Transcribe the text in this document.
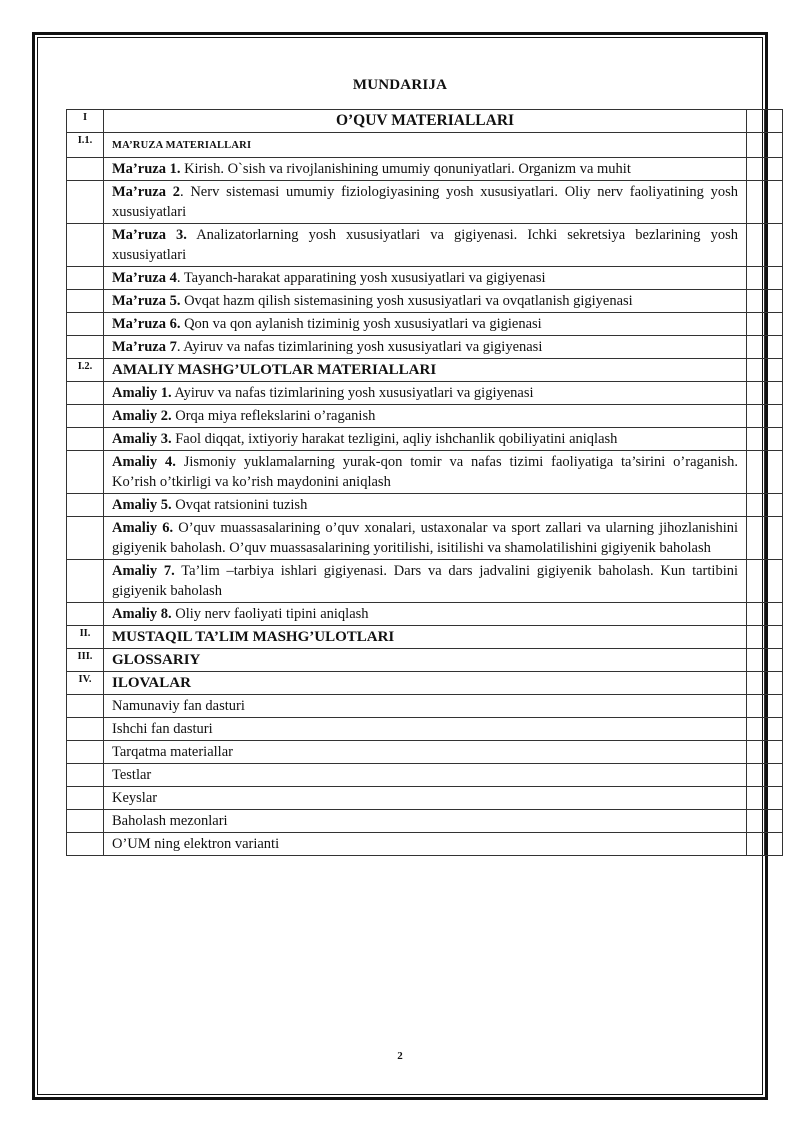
MUNDARIJA
I	O’QUV MATERIALLARI		

I.1.	MA’RUZA MATERIALLARI		
	Ma’ruza 1. Kirish. O`sish va rivojlanishining umumiy qonuniyatlari. Organizm va muhit		
	Ma’ruza 2. Nerv sistemasi umumiy fiziologiyasining yosh xususiyatlari. Oliy nerv faoliyatining yosh xususiyatlari		
	Ma’ruza 3. Analizatorlarning yosh xususiyatlari va gigiyenasi. Ichki sekretsiya bezlarining yosh xususiyatlari		
	Ma’ruza 4. Tayanch-harakat apparatining yosh xususiyatlari va gigiyenasi		
	Ma’ruza 5. Ovqat hazm qilish sistemasining yosh xususiyatlari va ovqatlanish gigiyenasi		
	Ma’ruza 6. Qon va qon aylanish tiziminig yosh xususiyatlari va gigienasi		
	Ma’ruza 7. Ayiruv va nafas tizimlarining yosh xususiyatlari va gigiyenasi		
I.2.	AMALIY MASHG’ULOTLAR MATERIALLARI		
	Amaliy 1. Ayiruv va nafas tizimlarining yosh xususiyatlari va gigiyenasi		
	Amaliy 2. Orqa miya reflekslarini o’raganish		
	Amaliy 3. Faol diqqat, ixtiyoriy harakat tezligini, aqliy ishchanlik qobiliyatini aniqlash		
	Amaliy 4. Jismoniy yuklamalarning yurak-qon tomir va nafas tizimi faoliyatiga ta’sirini o’raganish. Ko’rish o’tkirligi va ko’rish maydonini aniqlash		
	Amaliy 5. Ovqat ratsionini tuzish		
	Amaliy 6. O’quv muassasalarining o’quv xonalari, ustaxonalar va sport zallari va ularning jihozlanishini gigiyenik baholash. O’quv muassasalarining yoritilishi, isitilishi va shamolatilishini gigiyenik baholash		
	Amaliy 7. Ta’lim –tarbiya ishlari gigiyenasi. Dars va dars jadvalini gigiyenik baholash. Kun tartibini gigiyenik baholash		
	Amaliy 8. Oliy nerv faoliyati tipini aniqlash		
II.	MUSTAQIL TA’LIM MASHG’ULOTLARI		
III.	GLOSSARIY		
IV.	ILOVALAR		
	Namunaviy fan dasturi		
	Ishchi fan dasturi		
	Tarqatma materiallar		
	Testlar		
	Keyslar		
	Baholash mezonlari		
	O’UM ning elektron varianti		
2
